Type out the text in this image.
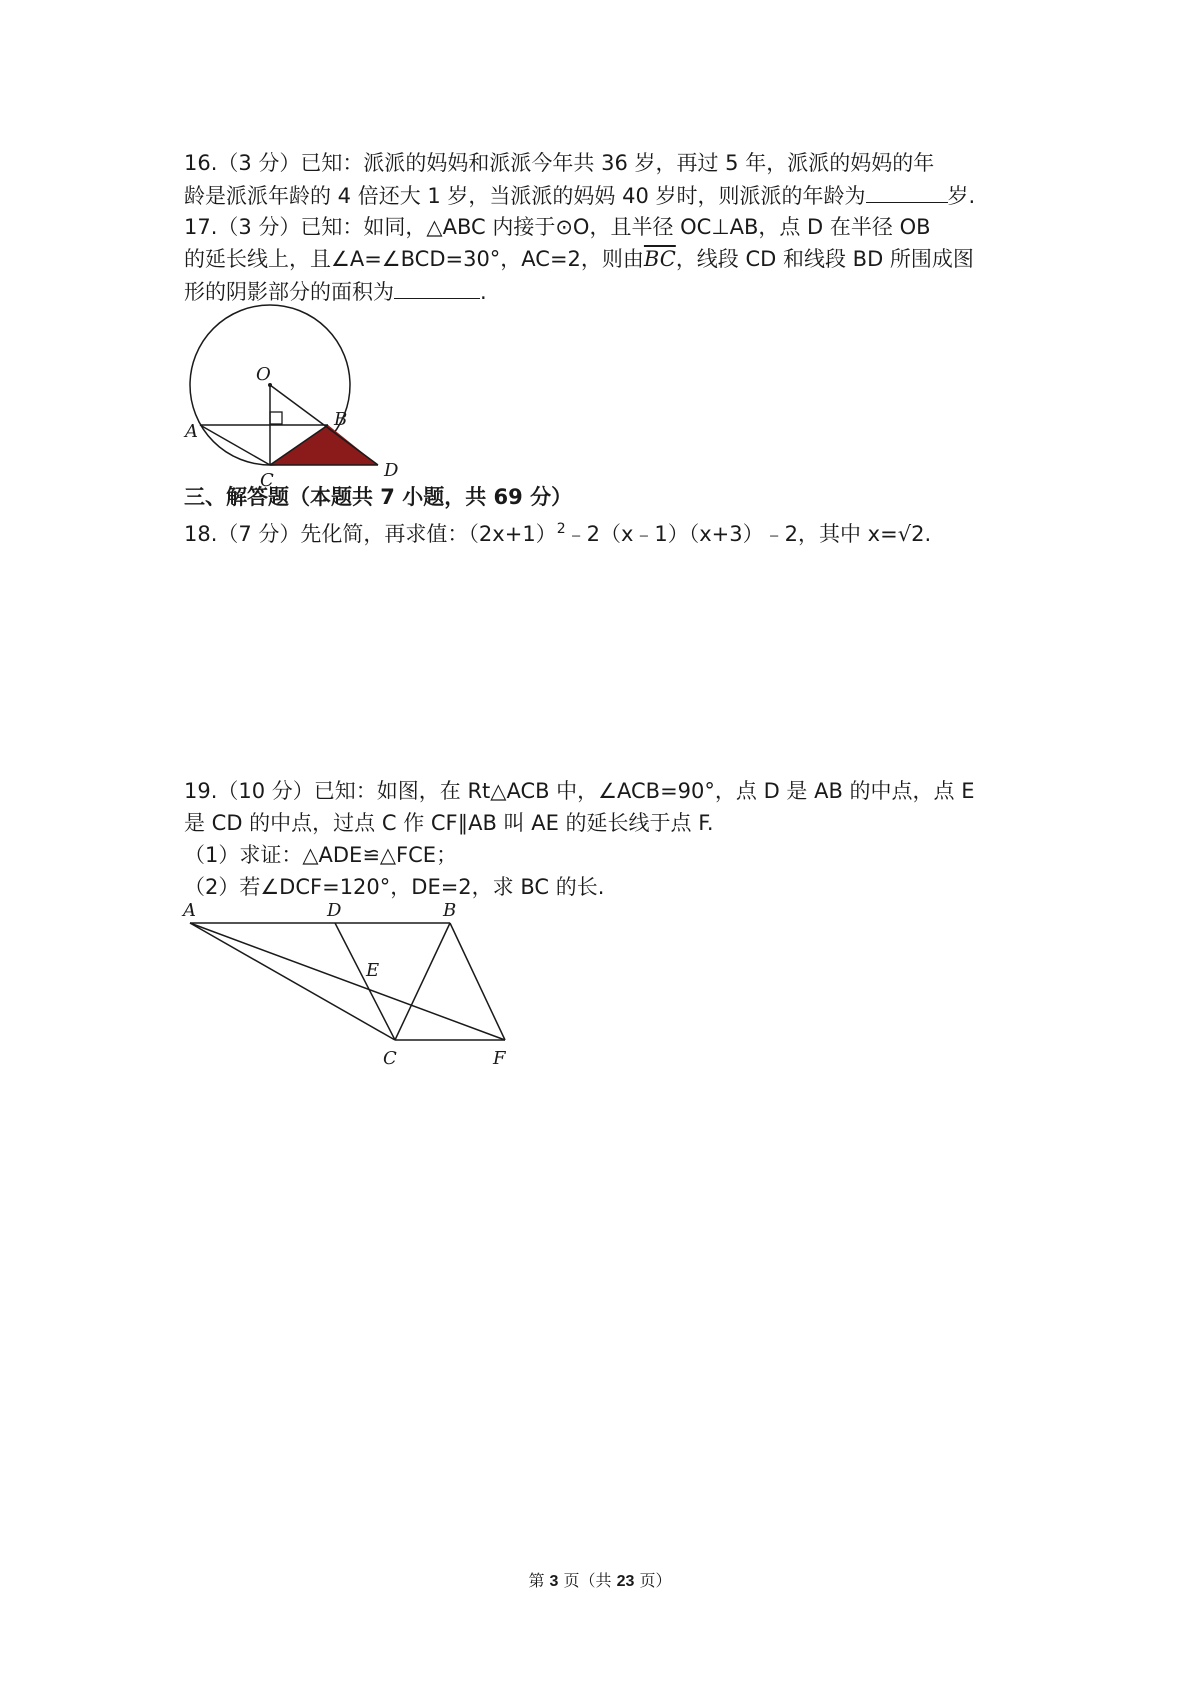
16.（3 分）已知：派派的妈妈和派派今年共 36 岁，再过 5 年，派派的妈妈的年
龄是派派年龄的 4 倍还大 1 岁，当派派的妈妈 40 岁时，则派派的年龄为	岁.
17.（3 分）已知：如同，△ABC 内接于⊙O，且半径 OC⊥AB，点 D 在半径 OB
的延长线上，且∠A=∠BCD=30°，AC=2，则由$\overline{BC}$，线段 CD 和线段 BD 所围成图
形的阴影部分的面积为	.
O
A
B
C	D
三、解答题（本题共 7 小题，共 69 分）
18.（7 分）先化简，再求值：$(2x+1)^2﹣2(x﹣1)(x+3)﹣2$，其中 x=√2.
19.（10 分）已知：如图，在 Rt△ACB 中，∠ACB=90°，点 D 是 AB 的中点，点 E
是 CD 的中点，过点 C 作 CF∥AB 叫 AE 的延长线于点 F.
（1）求证：△ADE≌△FCE；
（2）若∠DCF=120°，DE=2，求 BC 的长.
A	D	B
E
C	F
第 3 页（共 23 页）
